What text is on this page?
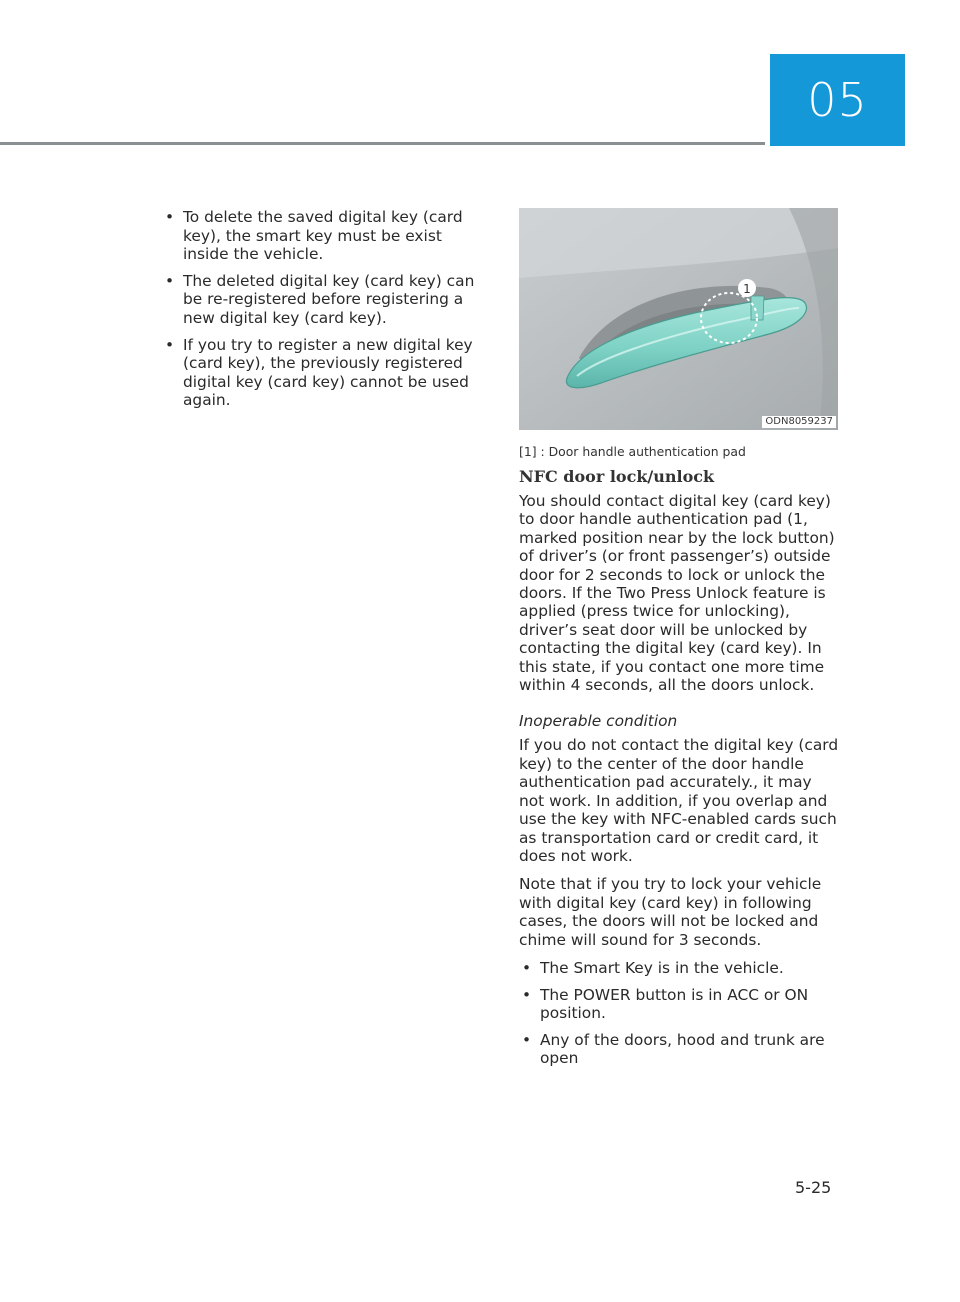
05
• To delete the saved digital key (card key), the smart key must be exist inside the vehicle.
• The deleted digital key (card key) can be re-registered before registering a new digital key (card key).
• If you try to register a new digital key (card key), the previously registered digital key (card key) cannot be used again.
1
ODN8059237
[1] : Door handle authentication pad
NFC door lock/unlock

You should contact digital key (card key) to door handle authentication pad (1, marked position near by the lock button) of driver’s (or front passenger’s) outside door for 2 seconds to lock or unlock the doors. If the Two Press Unlock feature is applied (press twice for unlocking), driver’s seat door will be unlocked by contacting the digital key (card key). In this state, if you contact one more time within 4 seconds, all the doors unlock.

Inoperable condition

If you do not contact the digital key (card key) to the center of the door handle authentication pad accurately., it may not work. In addition, if you overlap and use the key with NFC-enabled cards such as transportation card or credit card, it does not work.

Note that if you try to lock your vehicle with digital key (card key) in following cases, the doors will not be locked and chime will sound for 3 seconds.

• The Smart Key is in the vehicle.
• The POWER button is in ACC or ON position.
• Any of the doors, hood and trunk are open
5-25
